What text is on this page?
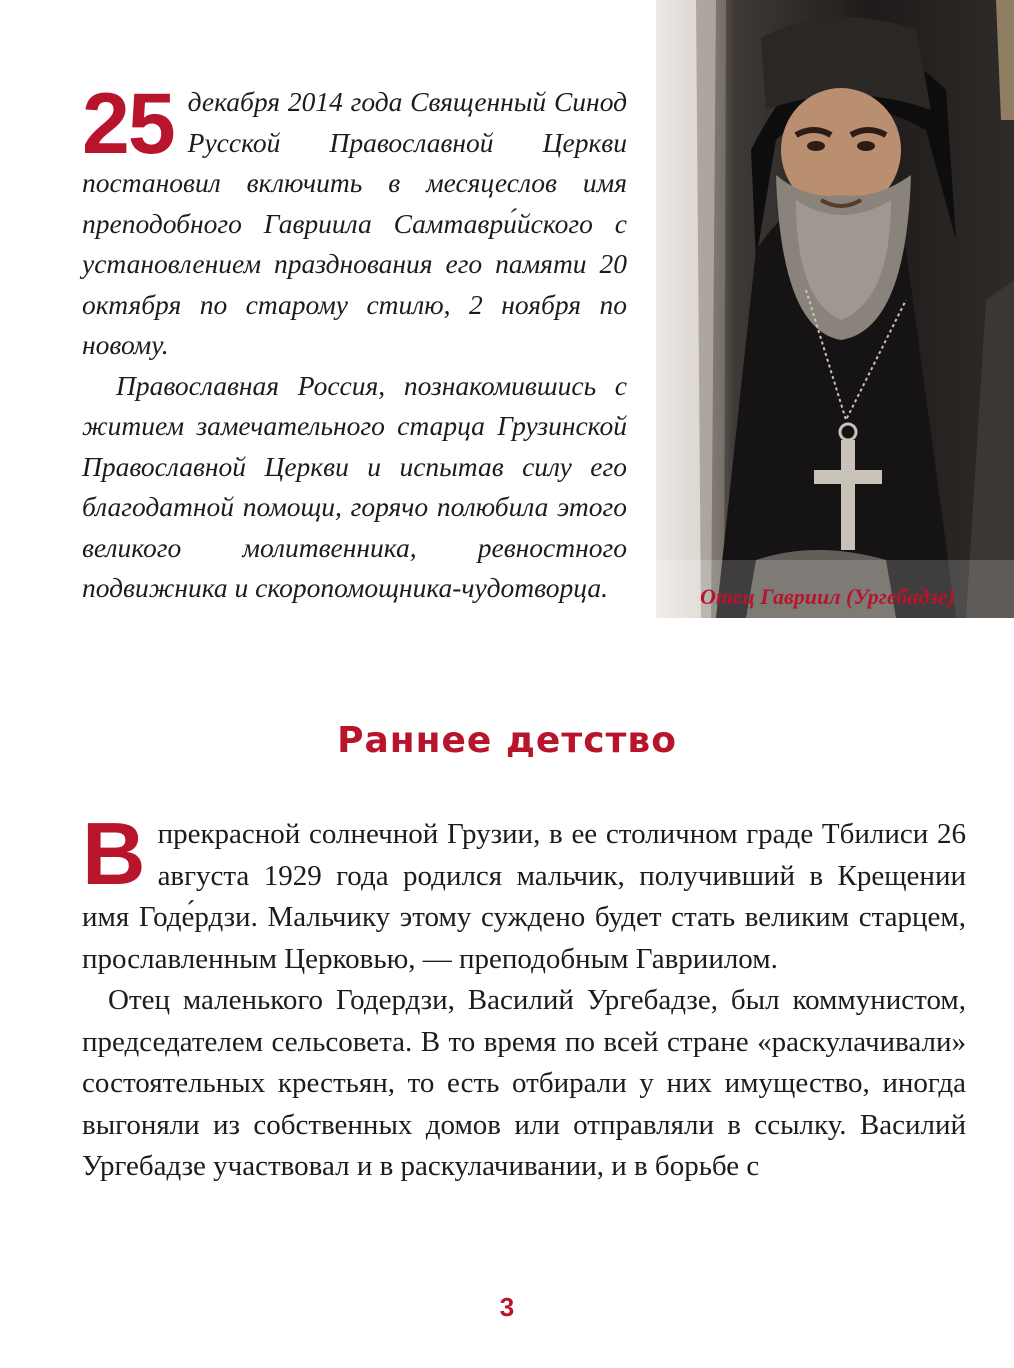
25 декабря 2014 года Священный Синод Русской Православной Церкви постановил включить в месяцеслов имя преподобного Гавриила Самтаври́йского с установлением празднования его памяти 20 октября по старому стилю, 2 ноября по новому.

Православная Россия, познакомившись с житием замечательного старца Грузинской Православной Церкви и испытав силу его благодатной помощи, горячо полюбила этого великого молитвенника, ревностного подвижника и скоропомощника-чудотворца.	Отец Гавриил (Ургебадзе)
Раннее детство

Впрекрасной солнечной Грузии, в ее столичном граде Тбилиси 26 августа 1929 года родился мальчик, получивший в Крещении имя Годе́рдзи. Мальчику этому суждено будет стать великим старцем, прославленным Церковью, — преподобным Гавриилом.

Отец маленького Годердзи, Василий Ургебадзе, был коммунистом, председателем сельсовета. В то время по всей стране «раскулачивали» состоятельных крестьян, то есть отбирали у них имущество, иногда выгоняли из собственных домов или отправляли в ссылку. Василий Ургебадзе участвовал и в раскулачивании, и в борьбе с

3
